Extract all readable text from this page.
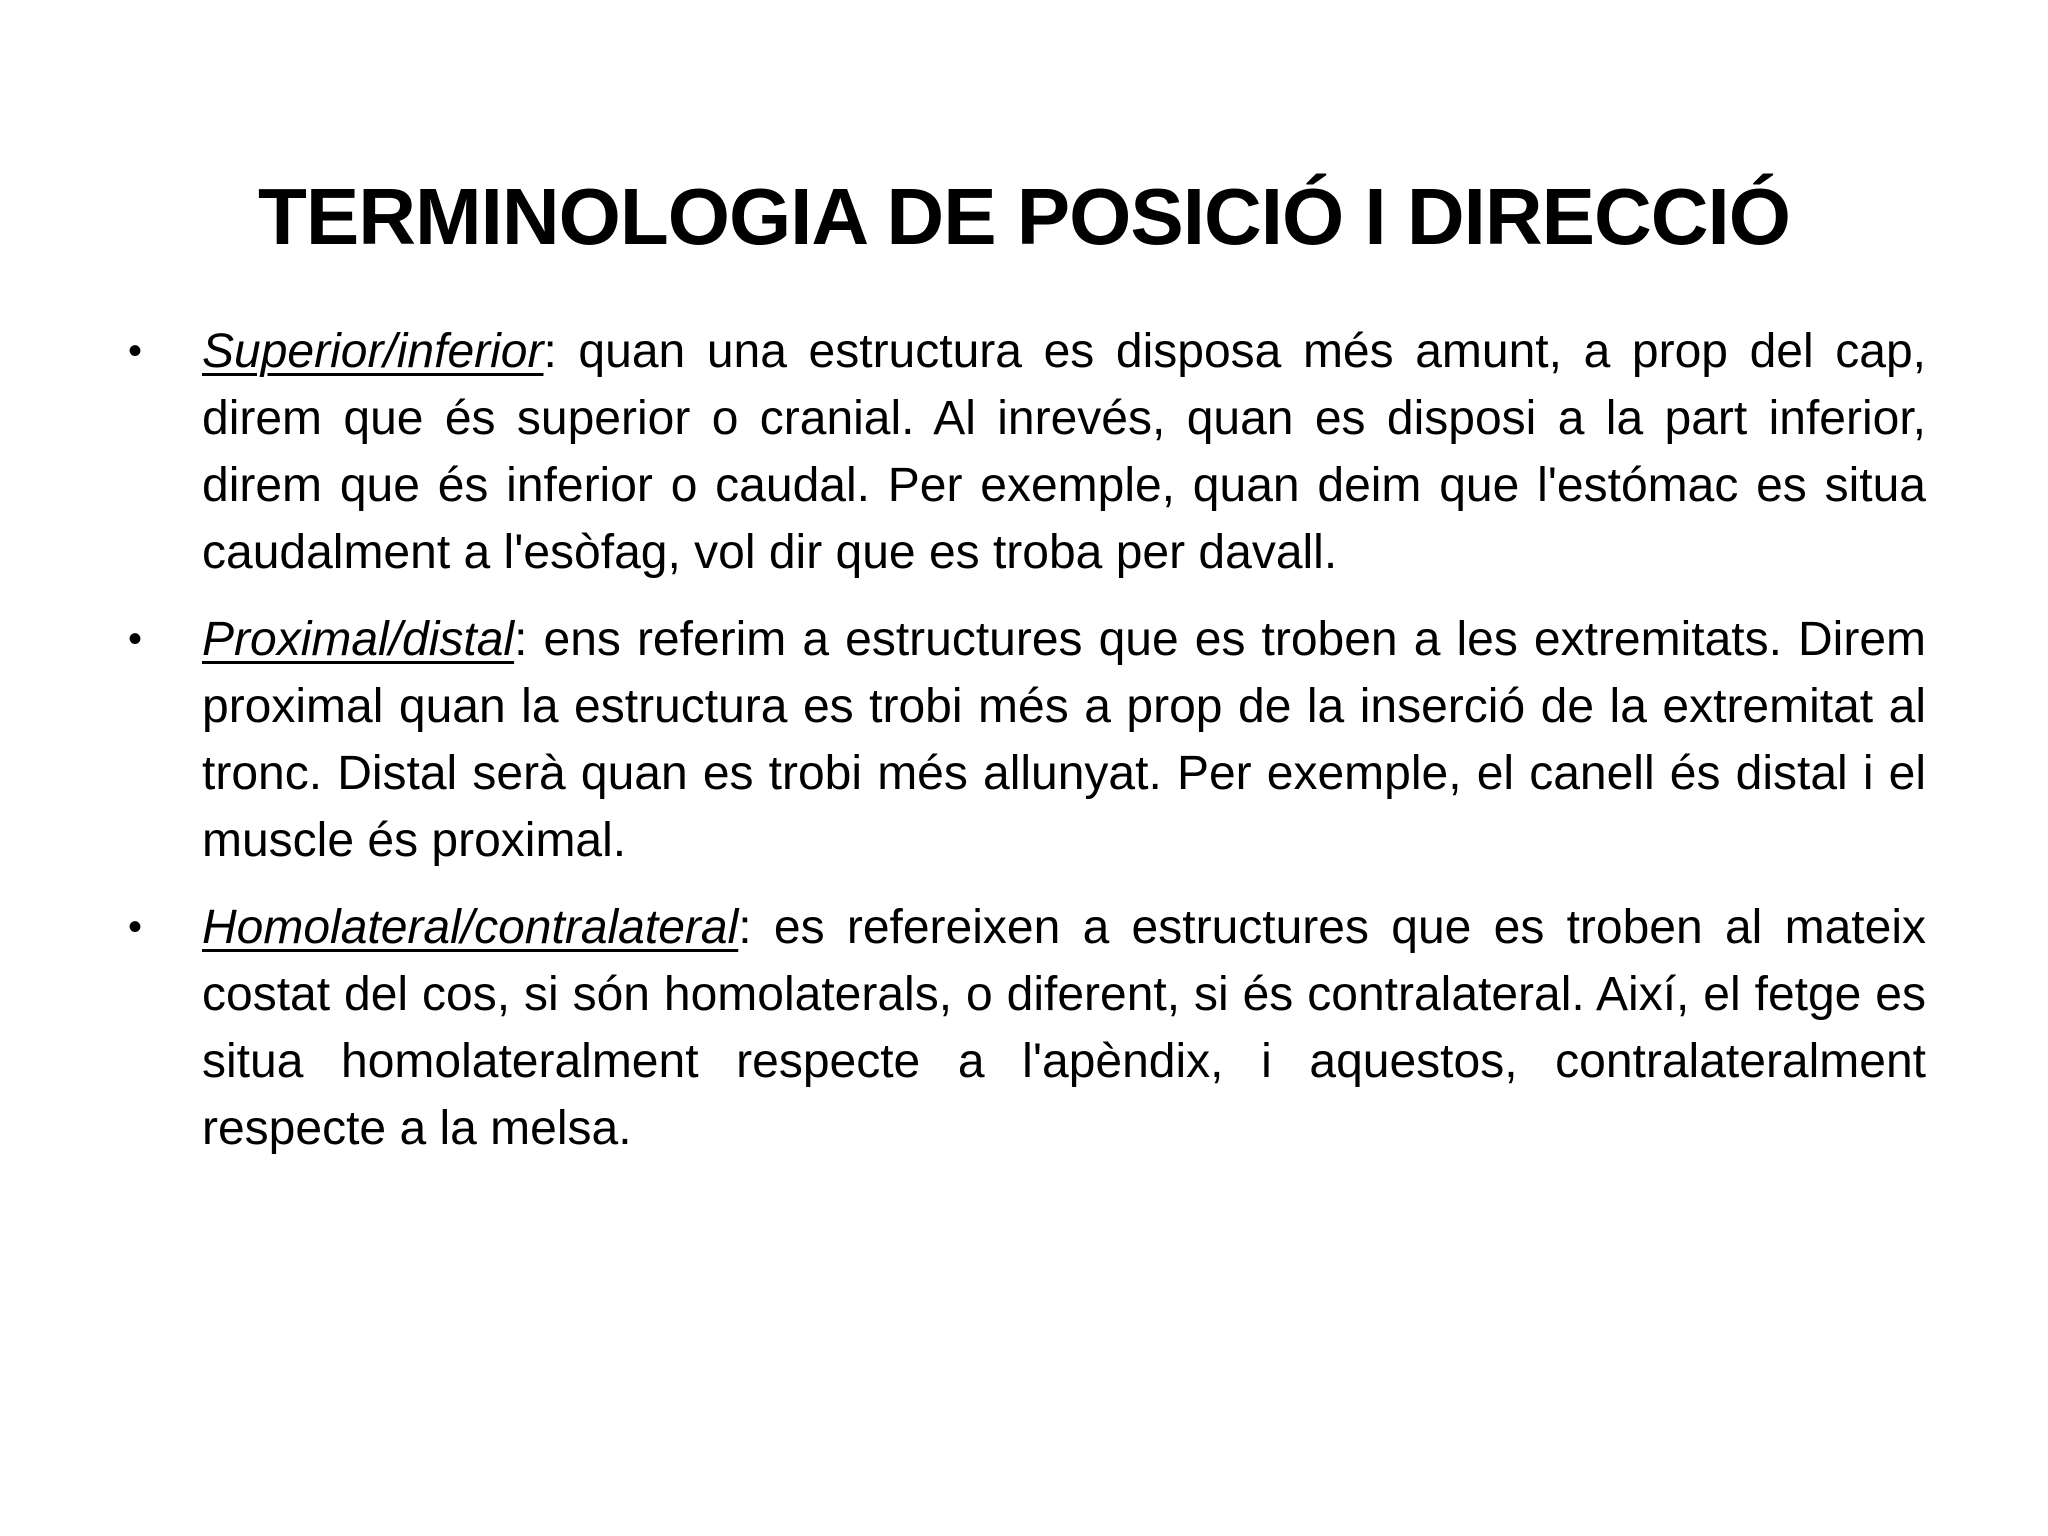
TERMINOLOGIA DE POSICIÓ I DIRECCIÓ
• Superior/inferior: quan una estructura es disposa més amunt, a prop del cap, direm que és superior o cranial. Al inrevés, quan es disposi a la part inferior, direm que és inferior o caudal. Per exemple, quan deim que l'estómac es situa caudalment a l'esòfag, vol dir que es troba per davall.
• Proximal/distal: ens referim a estructures que es troben a les extremitats. Direm proximal quan la estructura es trobi més a prop de la inserció de la extremitat al tronc. Distal serà quan es trobi més allunyat. Per exemple, el canell és distal i el muscle és proximal.
• Homolateral/contralateral: es refereixen a estructures que es troben al mateix costat del cos, si són homolaterals, o diferent, si és contralateral. Així, el fetge es situa homolateralment respecte a l'apèndix, i aquestos, contralateralment respecte a la melsa.
